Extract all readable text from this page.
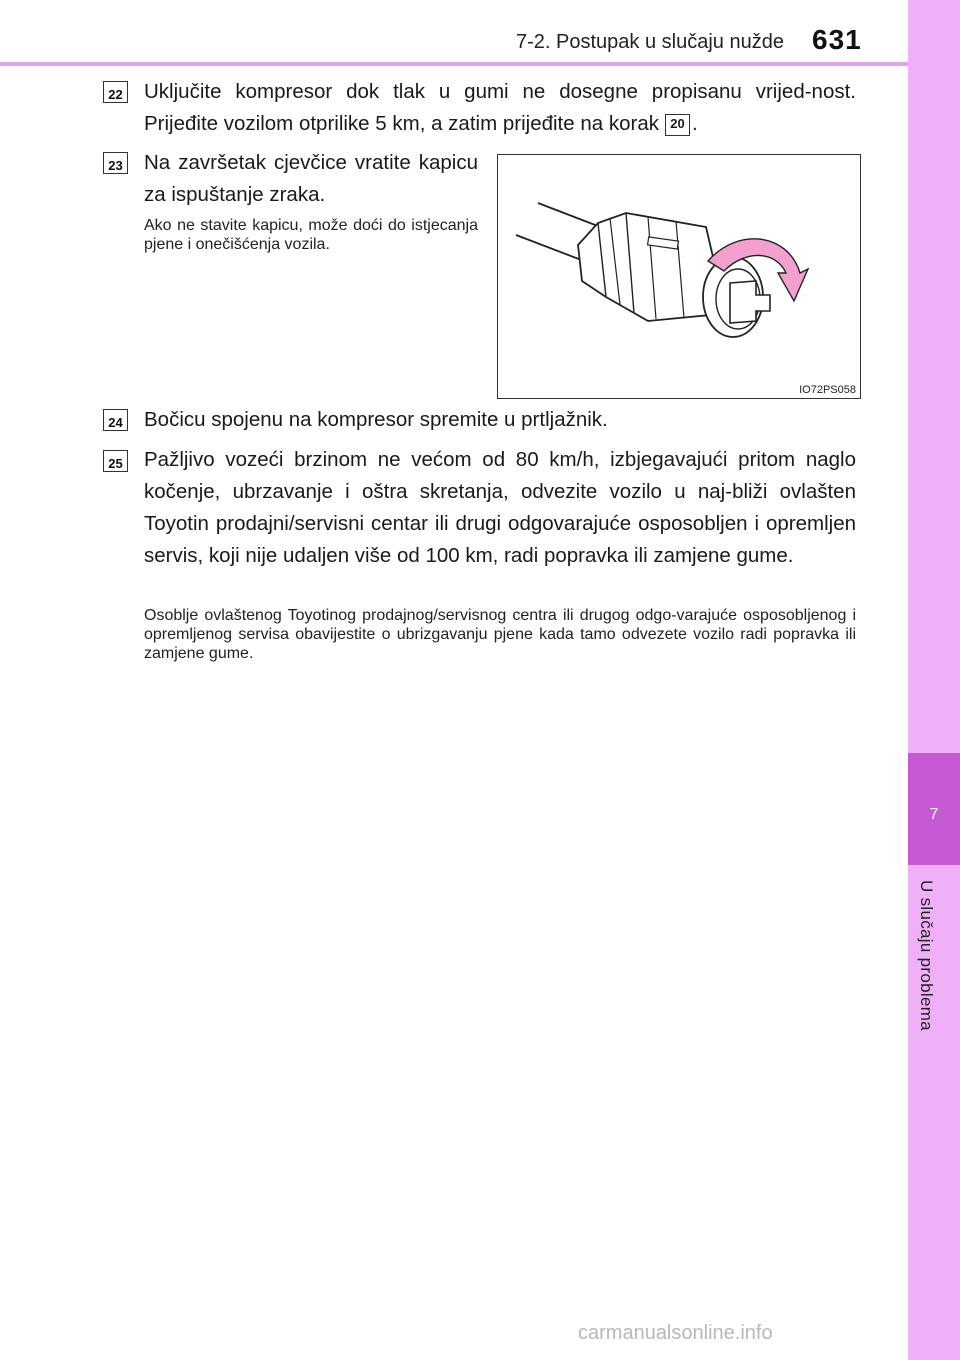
7-2. Postupak u slučaju nužde 631
7
U slučaju problema
22 Uključite kompresor dok tlak u gumi ne dosegne propisanu vrijed-nost. Prijeđite vozilom otprilike 5 km, a zatim prijeđite na korak 20 .
23 Na završetak cjevčice vratite kapicu za ispuštanje zraka.
Ako ne stavite kapicu, može doći do istjecanja pjene i onečišćenja vozila.
IO72PS058
24 Bočicu spojenu na kompresor spremite u prtljažnik.
25 Pažljivo vozeći brzinom ne većom od 80 km/h, izbjegavajući pritom naglo kočenje, ubrzavanje i oštra skretanja, odvezite vozilo u naj-bliži ovlašten Toyotin prodajni/servisni centar ili drugi odgovarajuće osposobljen i opremljen servis, koji nije udaljen više od 100 km, radi popravka ili zamjene gume.
Osoblje ovlaštenog Toyotinog prodajnog/servisnog centra ili drugog odgo-varajuće osposobljenog i opremljenog servisa obavijestite o ubrizgavanju pjene kada tamo odvezete vozilo radi popravka ili zamjene gume.
carmanualsonline.info
